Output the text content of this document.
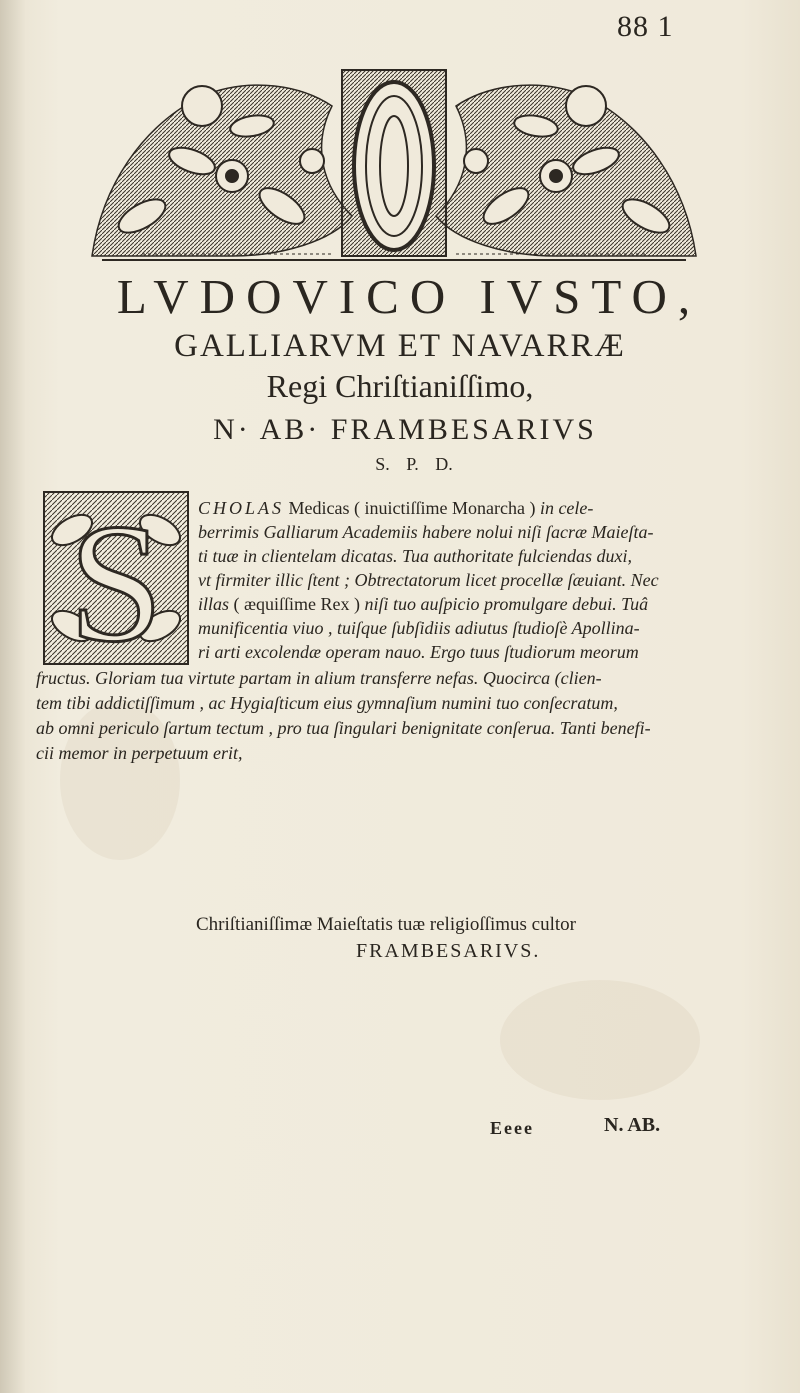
88 1
LVDOVICO IVSTO,
GALLIARVM ET NAVARRÆ
Regi Chriſtianiſſimo,
N· AB· FRAMBESARIVS
S. P. D.
S CHOLAS Medicas ( inuictiſſime Monarcha ) in cele-
berrimis Galliarum Academiis habere nolui niſi ſacræ Maieſta-
ti tuæ in clientelam dicatas. Tua authoritate fulciendas duxi,
vt firmiter illic ſtent ; Obtrectatorum licet procellæ ſæuiant. Nec
illas ( æquiſſime Rex ) niſi tuo auſpicio promulgare debui. Tuâ
munificentia viuo , tuiſque ſubſidiis adiutus ſtudioſè Apollina-
ri arti excolendæ operam nauo. Ergo tuus ſtudiorum meorum
fructus. Gloriam tua virtute partam in alium transferre nefas. Quocirca (clien-
tem tibi addictiſſimum , ac Hygiaſticum eius gymnaſium numini tuo conſecratum,
ab omni periculo ſartum tectum , pro tua ſingulari benignitate conſerua. Tanti benefi-
cii memor in perpetuum erit,
Chriſtianiſſimæ Maieſtatis tuæ religioſſimus cultor
FRAMBESARIVS.
Eeee	N. AB.
